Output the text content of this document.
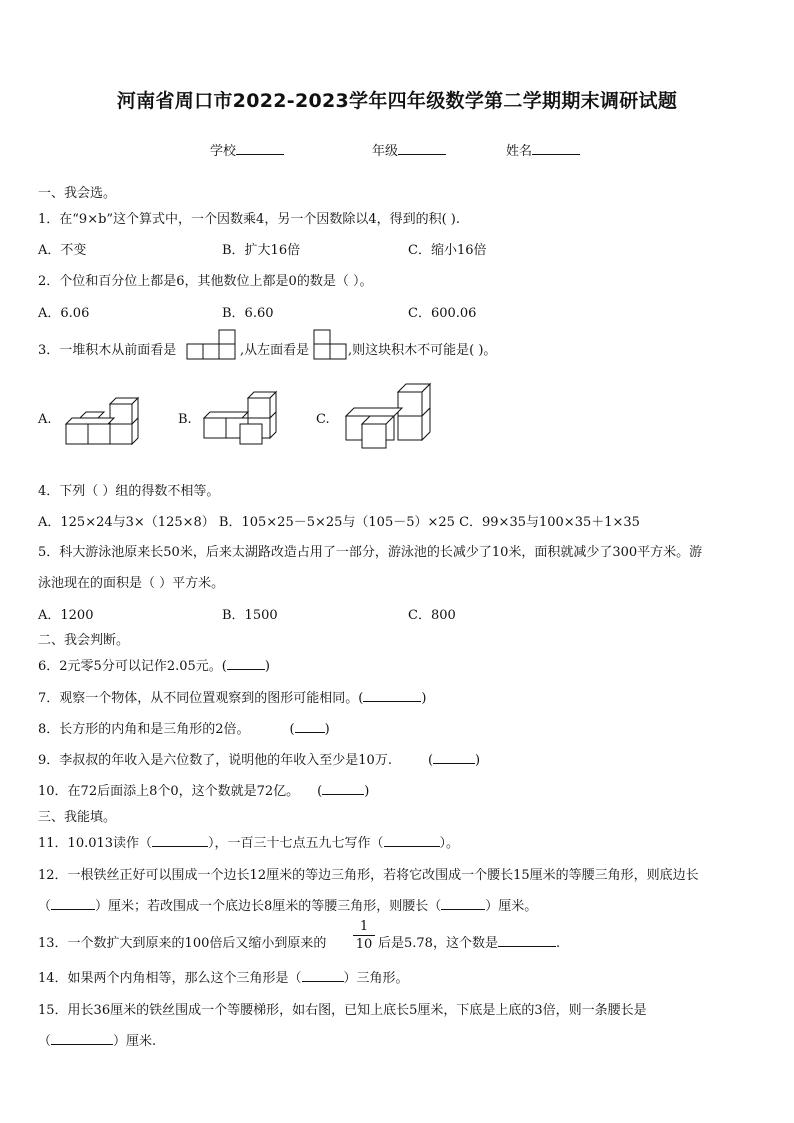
河南省周口市2022-2023学年四年级数学第二学期期末调研试题
学校	年级	姓名
一、我会选。
1．在“9×b”这个算式中，一个因数乘4，另一个因数除以4，得到的积( ).
A．不变	B．扩大16倍	C．缩小16倍
2．个位和百分位上都是6，其他数位上都是0的数是（ ）。
A．6.06	B．6.60	C．600.06
3．一堆积木从前面看是	,从左面看是	,则这块积木不可能是( )。
A.	B.	C.
4．下列（ ）组的得数不相等。
A．125×24与3×（125×8） B．105×25－5×25与（105－5）×25 C．99×35与100×35＋1×35
5．科大游泳池原来长50米，后来太湖路改造占用了一部分，游泳池的长减少了10米，面积就减少了300平方米。游
泳池现在的面积是（ ）平方米。
A．1200	B．1500	C．800
二、我会判断。
6．2元零5分可以记作2.05元。(	)
7．观察一个物体，从不同位置观察到的图形可能相同。(	)
8．长方形的内角和是三角形的2倍。	( )
9．李叔叔的年收入是六位数了，说明他的年收入至少是10万.	(	)
10．在72后面添上8个0，这个数就是72亿。 (	)
三、我能填。
11．10.013读作（	），一百三十七点五九七写作（	）。
12．一根铁丝正好可以围成一个边长12厘米的等边三角形，若将它改围成一个腰长15厘米的等腰三角形，则底边长
（	）厘米；若改围成一个底边长8厘米的等腰三角形，则腰长（	）厘米。
13．一个数扩大到原来的100倍后又缩小到原来的
1
10 后是5.78，这个数是	.
14．如果两个内角相等，那么这个三角形是（	）三角形。
15．用长36厘米的铁丝围成一个等腰梯形，如右图，已知上底长5厘米，下底是上底的3倍，则一条腰长是
（	）厘米.
